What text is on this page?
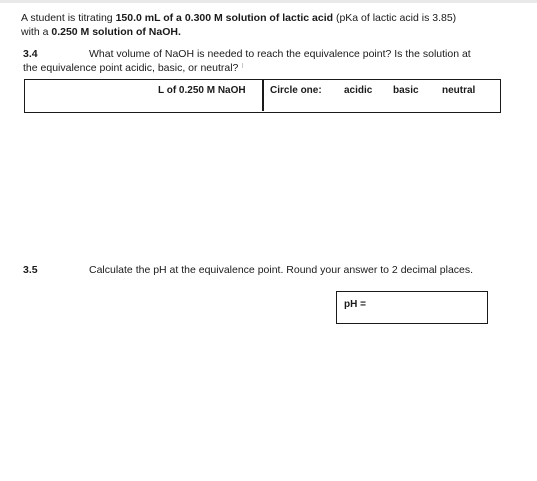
A student is titrating 150.0 mL of a 0.300 M solution of lactic acid (pKa of lactic acid is 3.85)
with a 0.250 M solution of NaOH.
3.4	What volume of NaOH is needed to reach the equivalence point? Is the solution at
the equivalence point acidic, basic, or neutral?
L of 0.250 M NaOH Circle one: acidic basic neutral
3.5	Calculate the pH at the equivalence point. Round your answer to 2 decimal places.
pH =
